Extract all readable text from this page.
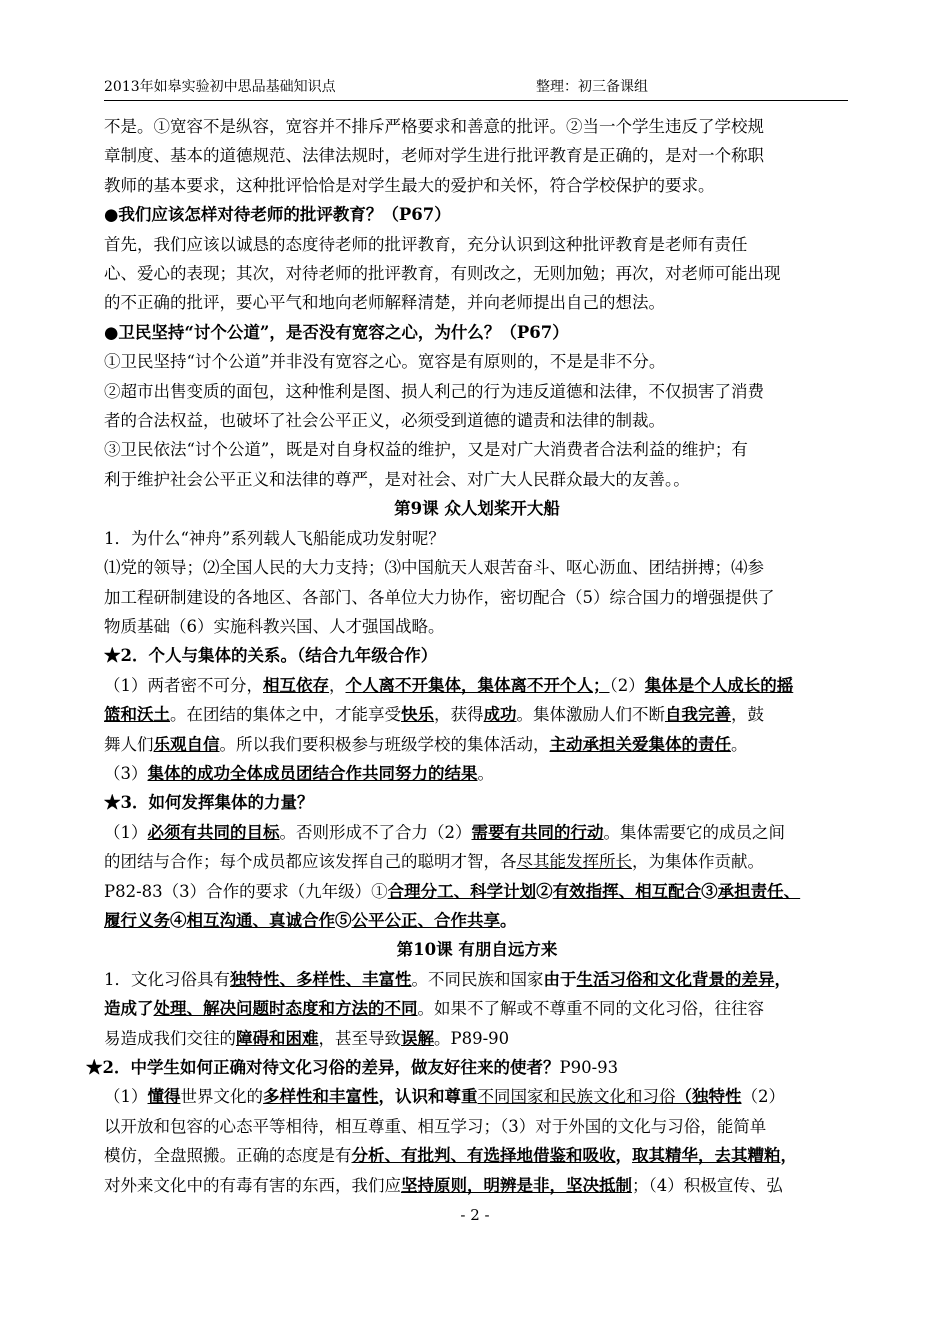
2013年如皋实验初中思品基础知识点	整理：初三备课组

不是。①宽容不是纵容，宽容并不排斥严格要求和善意的批评。②当一个学生违反了学校规

章制度、基本的道德规范、法律法规时，老师对学生进行批评教育是正确的，是对一个称职

教师的基本要求，这种批评恰恰是对学生最大的爱护和关怀，符合学校保护的要求。

●我们应该怎样对待老师的批评教育？（P67）

首先，我们应该以诚恳的态度待老师的批评教育，充分认识到这种批评教育是老师有责任

心、爱心的表现；其次，对待老师的批评教育，有则改之，无则加勉；再次，对老师可能出现

的不正确的批评，要心平气和地向老师解释清楚，并向老师提出自己的想法。

●卫民坚持“讨个公道”，是否没有宽容之心，为什么？（P67）

①卫民坚持“讨个公道”并非没有宽容之心。宽容是有原则的，不是是非不分。

②超市出售变质的面包，这种惟利是图、损人利己的行为违反道德和法律，不仅损害了消费

者的合法权益，也破坏了社会公平正义，必须受到道德的谴责和法律的制裁。

③卫民依法“讨个公道”，既是对自身权益的维护，又是对广大消费者合法利益的维护；有

利于维护社会公平正义和法律的尊严，是对社会、对广大人民群众最大的友善。。

第9课 众人划桨开大船

1．为什么“神舟”系列载人飞船能成功发射呢？

⑴党的领导；⑵全国人民的大力支持；⑶中国航天人艰苦奋斗、呕心沥血、团结拼搏；⑷参

加工程研制建设的各地区、各部门、各单位大力协作，密切配合（5）综合国力的增强提供了

物质基础（6）实施科教兴国、人才强国战略。

★2．个人与集体的关系。（结合九年级合作）

（1）两者密不可分，相互依存，个人离不开集体，集体离不开个人；（2）集体是个人成长的摇

篮和沃土。在团结的集体之中，才能享受快乐，获得成功。集体激励人们不断自我完善，鼓

舞人们乐观自信。所以我们要积极参与班级学校的集体活动，主动承担关爱集体的责任。

（3）集体的成功全体成员团结合作共同努力的结果。

★3．如何发挥集体的力量？

（1）必须有共同的目标。否则形成不了合力（2）需要有共同的行动。集体需要它的成员之间

的团结与合作；每个成员都应该发挥自己的聪明才智，各尽其能发挥所长，为集体作贡献。

P82-83（3）合作的要求（九年级）①合理分工、科学计划②有效指挥、相互配合③承担责任、

履行义务④相互沟通、真诚合作⑤公平公正、合作共享。

第10课 有朋自远方来

1．文化习俗具有独特性、多样性、丰富性。不同民族和国家由于生活习俗和文化背景的差异，

造成了处理、解决问题时态度和方法的不同。如果不了解或不尊重不同的文化习俗，往往容

易造成我们交往的障碍和困难，甚至导致误解。P89-90

★2．中学生如何正确对待文化习俗的差异，做友好往来的使者？P90-93

（1）懂得世界文化的多样性和丰富性，认识和尊重不同国家和民族文化和习俗（独特性（2）

以开放和包容的心态平等相待，相互尊重、相互学习；（3）对于外国的文化与习俗，能简单

模仿，全盘照搬。正确的态度是有分析、有批判、有选择地借鉴和吸收，取其精华，去其糟粕，

对外来文化中的有毒有害的东西，我们应坚持原则，明辨是非，坚决抵制；（4）积极宣传、弘

- 2 -
